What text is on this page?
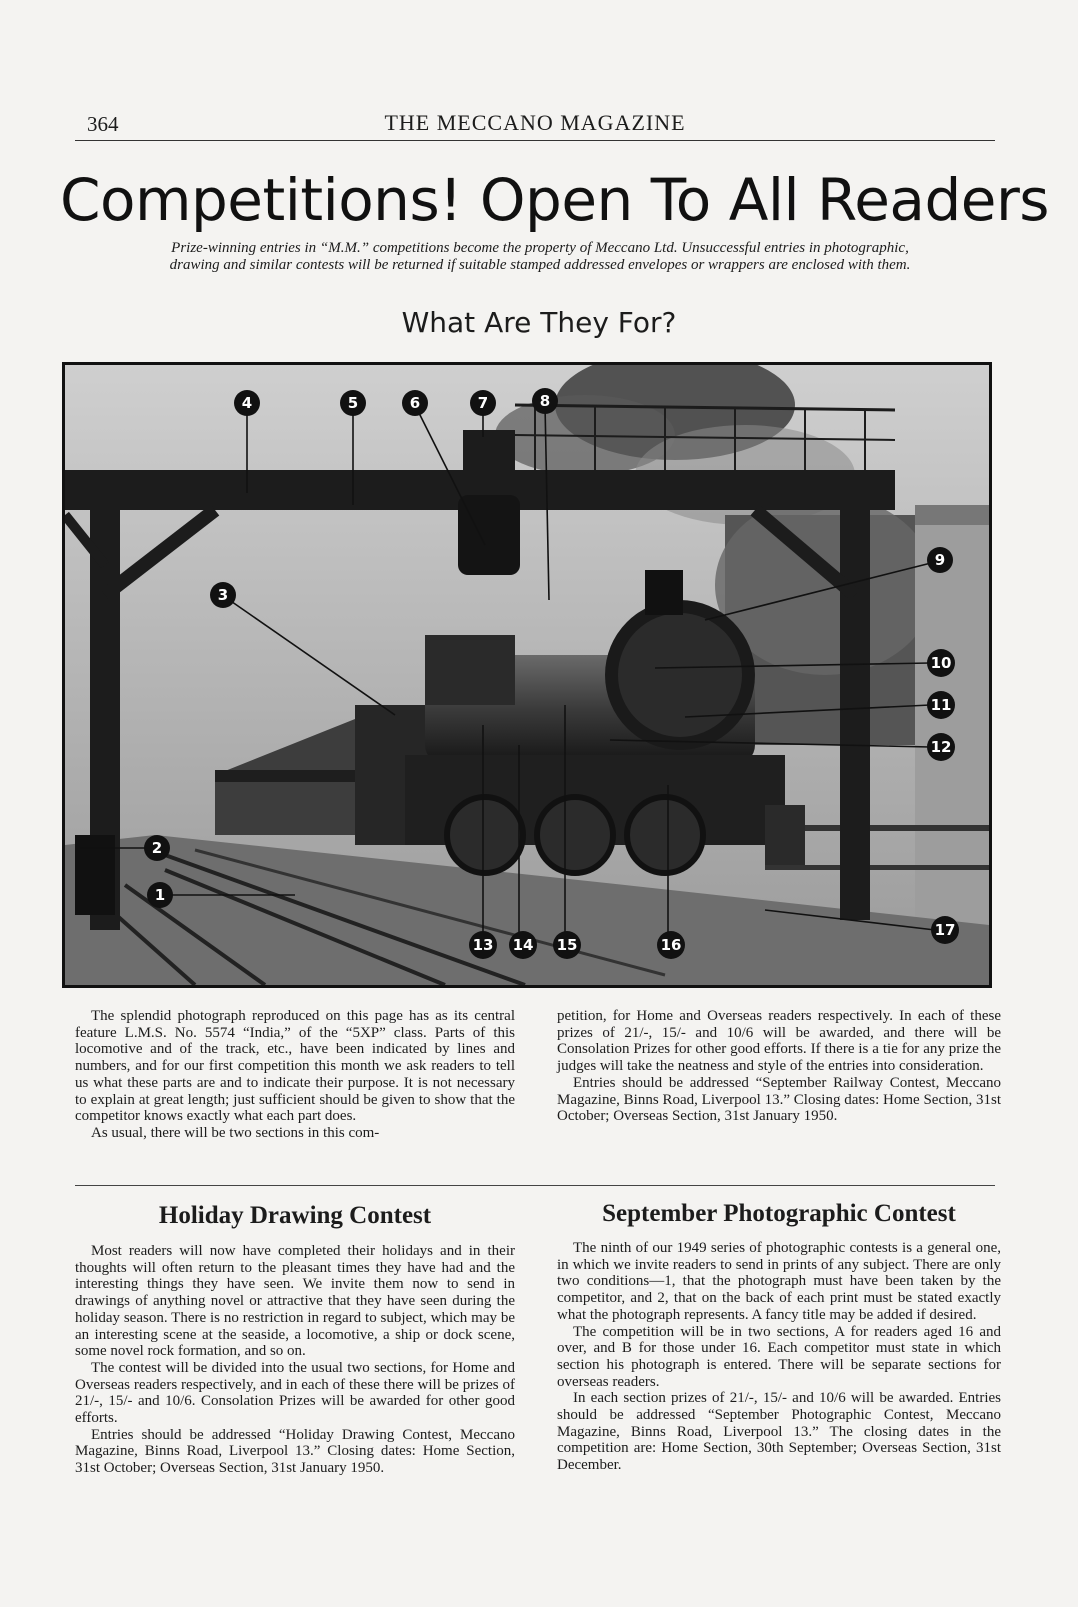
364	THE MECCANO MAGAZINE
Competitions! Open To All Readers
Prize-winning entries in “M.M.” competitions become the property of Meccano Ltd. Unsuccessful entries in photographic, drawing and similar contests will be returned if suitable stamped addressed envelopes or wrappers are enclosed with them.
What Are They For?
1
2
3
4	5	6	7	8
9
10
11
12
13 14 15	16
17

The splendid photograph reproduced on this page has as its central feature L.M.S. No. 5574 “India,” of the “5XP” class. Parts of this locomotive and of the track, etc., have been indicated by lines and numbers, and for our first competition this month we ask readers to tell us what these parts are and to indicate their purpose. It is not necessary to explain at great length; just sufficient should be given to show that the competitor knows exactly what each part does.

As usual, there will be two sections in this com-

petition, for Home and Overseas readers respectively. In each of these prizes of 21/-, 15/- and 10/6 will be awarded, and there will be Consolation Prizes for other good efforts. If there is a tie for any prize the judges will take the neatness and style of the entries into consideration.

Entries should be addressed “September Railway Contest, Meccano Magazine, Binns Road, Liverpool 13.” Closing dates: Home Section, 31st October; Overseas Section, 31st January 1950.

Holiday Drawing Contest

Most readers will now have completed their holidays and in their thoughts will often return to the pleasant times they have had and the interesting things they have seen. We invite them now to send in drawings of anything novel or attractive that they have seen during the holiday season. There is no restriction in regard to subject, which may be an interesting scene at the seaside, a locomotive, a ship or dock scene, some novel rock formation, and so on.

The contest will be divided into the usual two sections, for Home and Overseas readers respectively, and in each of these there will be prizes of 21/-, 15/- and 10/6. Consolation Prizes will be awarded for other good efforts.

Entries should be addressed “Holiday Drawing Contest, Meccano Magazine, Binns Road, Liverpool 13.” Closing dates: Home Section, 31st October; Overseas Section, 31st January 1950.

September Photographic Contest

The ninth of our 1949 series of photographic contests is a general one, in which we invite readers to send in prints of any subject. There are only two conditions—1, that the photograph must have been taken by the competitor, and 2, that on the back of each print must be stated exactly what the photograph represents. A fancy title may be added if desired.

The competition will be in two sections, A for readers aged 16 and over, and B for those under 16. Each competitor must state in which section his photograph is entered. There will be separate sections for overseas readers.

In each section prizes of 21/-, 15/- and 10/6 will be awarded. Entries should be addressed “September Photographic Contest, Meccano Magazine, Binns Road, Liverpool 13.” The closing dates in the competition are: Home Section, 30th September; Overseas Section, 31st December.
